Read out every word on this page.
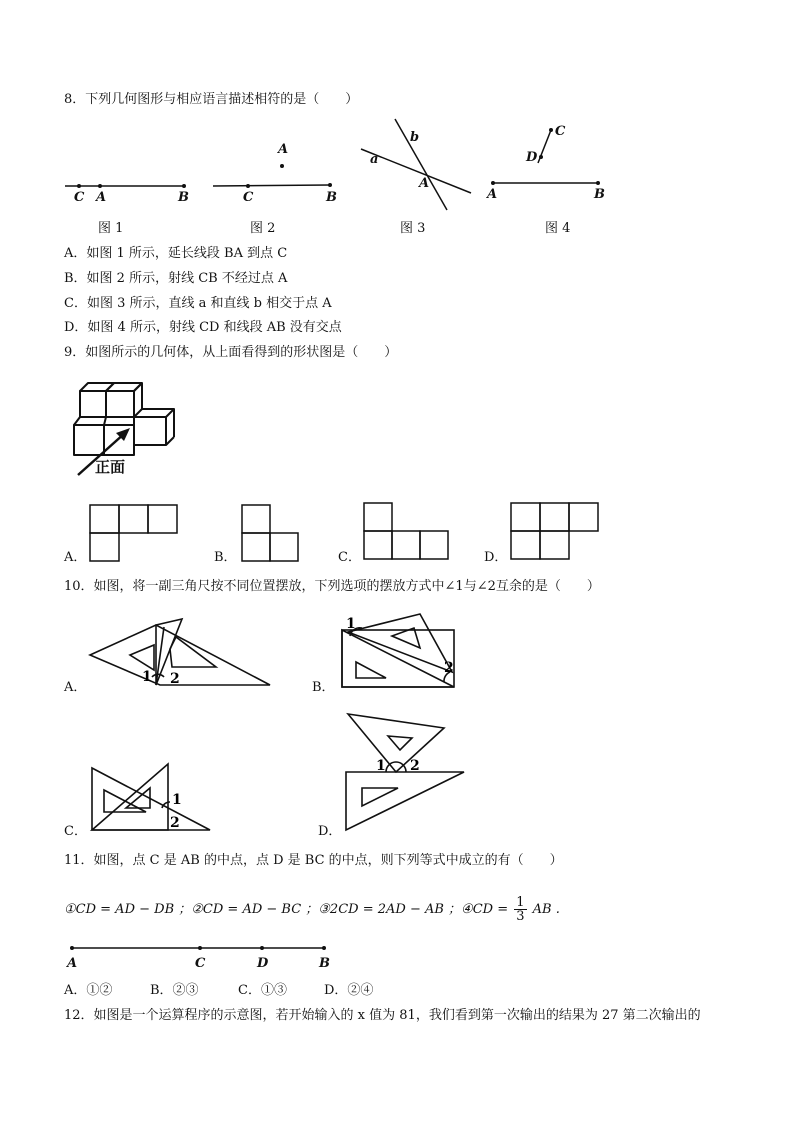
8．下列几何图形与相应语言描述相符的是（　　）
C A	B
图 1
A
C	B
图 2
b
a
A
图 3
C
D
A	B
图 4
A．如图 1 所示，延长线段 BA 到点 C
B．如图 2 所示，射线 CB 不经过点 A
C．如图 3 所示，直线 a 和直线 b 相交于点 A
D．如图 4 所示，射线 CD 和线段 AB 没有交点
9．如图所示的几何体，从上面看得到的形状图是（　　）
正面
A．	B．	C．	D．
10．如图，将一副三角尺按不同位置摆放，下列选项的摆放方式中∠1与∠2互余的是（　　）
A．
1 2
B．
1
2
C．
1
2
D．
1 2
11．如图，点 C 是 AB 的中点，点 D 是 BC 的中点，则下列等式中成立的有（　　）
①CD = AD − DB ；②CD = AD − BC ；③2CD = 2AD − AB ；④CD = $\frac{1}{3}$ AB .
A	C	D	B
A．①②	B．②③	C．①③	D．②④
12．如图是一个运算程序的示意图，若开始输入的 x 值为 81，我们看到第一次输出的结果为 27 第二次输出的
